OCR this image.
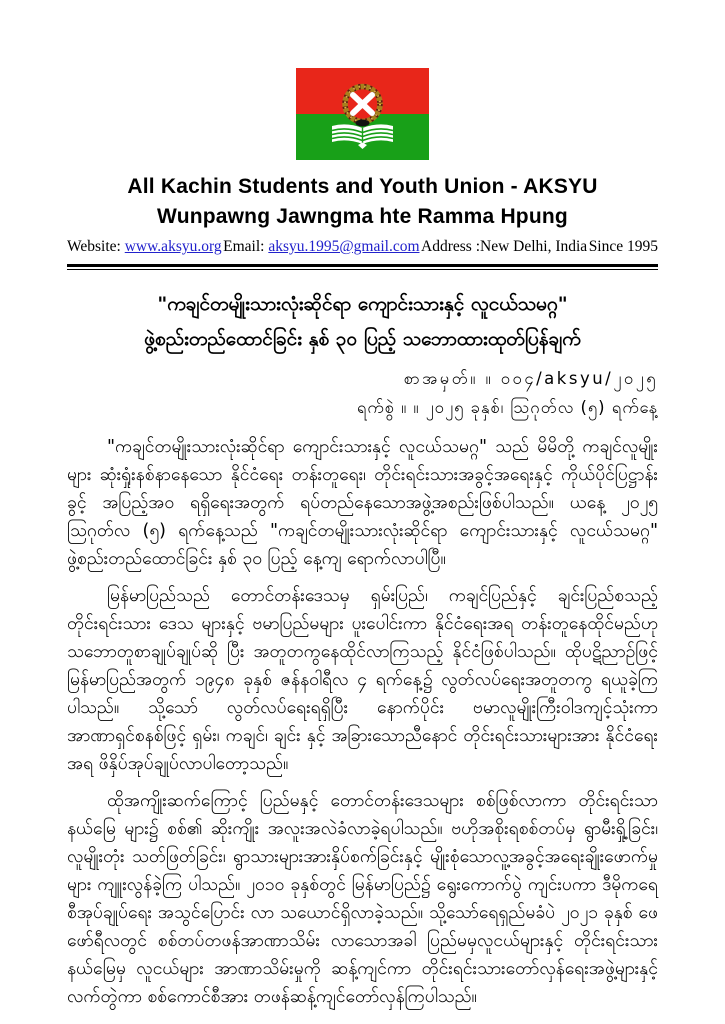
All Kachin Students and Youth Union - AKSYU
Wunpawng Jawngma hte Ramma Hpung
Website: www.aksyu.org Email: aksyu.1995@gmail.com Address :New Delhi, India Since 1995
"ကချင်တမျိုးသားလုံးဆိုင်ရာ ကျောင်းသားနှင့် လူငယ်သမဂ္ဂ"
ဖွဲ့စည်းတည်ထောင်ခြင်း နှစ် ၃၀ ပြည့် သဘောထားထုတ်ပြန်ချက်
စာအမှတ်။ ။ ၀၀၄/aksyu/၂၀၂၅
ရက်စွဲ ။ ။ ၂၀၂၅ ခုနှစ်၊ ဩဂုတ်လ (၅) ရက်နေ့

"ကချင်တမျိုးသားလုံးဆိုင်ရာ ကျောင်းသားနှင့် လူငယ်သမဂ္ဂ" သည် မိမိတို့ ကချင်လူမျိုးများ ဆုံးရှုံးနစ်နာနေသော နိုင်ငံရေး တန်းတူရေး၊ တိုင်းရင်းသားအခွင့်အရေးနှင့် ကိုယ်ပိုင်ပြဋ္ဌာန်းခွင့် အပြည့်အဝ ရရှိရေးအတွက် ရပ်တည်နေသောအဖွဲ့အစည်းဖြစ်ပါသည်။ ယနေ့ ၂၀၂၅ ဩဂုတ်လ (၅) ရက်နေ့သည် "ကချင်တမျိုးသားလုံးဆိုင်ရာ ကျောင်းသားနှင့် လူငယ်သမဂ္ဂ" ဖွဲ့စည်းတည်ထောင်ခြင်း နှစ် ၃၀ ပြည့် နေ့ကျ ရောက်လာပါပြီ။

မြန်မာပြည်သည် တောင်တန်းဒေသမှ ရှမ်းပြည်၊ ကချင်ပြည်နှင့် ချင်းပြည်စသည့်တိုင်းရင်းသား ဒေသ များနှင့် ဗမာပြည်မများ ပူးပေါင်းကာ နိုင်ငံရေးအရ တန်းတူနေထိုင်မည်ဟု သဘောတူစာချုပ်ချုပ်ဆို ပြီး အတူတကွနေထိုင်လာကြသည့် နိုင်ငံဖြစ်ပါသည်။ ထိုပဋိညာဉ်ဖြင့် မြန်မာပြည်အတွက် ၁၉၄၈ ခုနှစ် ဇန်နဝါရီလ ၄ ရက်နေ့၌ လွတ်လပ်ရေးအတူတကွ ရယူခဲ့ကြပါသည်။ သို့သော် လွတ်လပ်ရေးရရှိပြီး နောက်ပိုင်း ဗမာလူမျိုးကြီးဝါဒကျင့်သုံးကာ အာဏာရှင်စနစ်ဖြင့် ရှမ်း၊ ကချင်၊ ချင်း နှင့် အခြားသောညီနောင် တိုင်းရင်းသားများအား နိုင်ငံရေးအရ ဖိနှိပ်အုပ်ချုပ်လာပါတော့သည်။

ထိုအကျိုးဆက်ကြောင့် ပြည်မနှင့် တောင်တန်းဒေသများ စစ်ဖြစ်လာကာ တိုင်းရင်းသာနယ်မြေ များ၌ စစ်၏ ဆိုးကျိုး အလူးအလဲခံလာခဲ့ရပါသည်။ ဗဟိုအစိုးရစစ်တပ်မှ ရွာမီးရှို့ခြင်း၊ လူမျိုးတုံး သတ်ဖြတ်ခြင်း၊ ရွာသားများအားနှိပ်စက်ခြင်းနှင့် မျိုးစုံသောလူ့အခွင့်အရေးချိုးဖောက်မှုများ ကျူးလွန်ခဲ့ကြ ပါသည်။ ၂၀၁၀ ခုနှစ်တွင် မြန်မာပြည်၌ ရွေးကောက်ပွဲ ကျင်းပကာ ဒီမိုကရေစီအုပ်ချုပ်ရေး အသွင်ပြောင်း လာ သယောင်ရှိလာခဲ့သည်။ သို့သော်ရေရှည်မခံပဲ ၂၀၂၁ ခုနှစ် ဖေဖော်ရီလတွင် စစ်တပ်တဖန်အာဏာသိမ်း လာသောအခါ ပြည်မမှလူငယ်များနှင့် တိုင်းရင်းသားနယ်မြေမှ လူငယ်များ အာဏာသိမ်းမှုကို ဆန့်ကျင်ကာ တိုင်းရင်းသားတော်လှန်ရေးအဖွဲ့များနှင့်လက်တွဲကာ စစ်ကောင်စီအား တဖန်ဆန့်ကျင်တော်လှန်ကြပါသည်။
